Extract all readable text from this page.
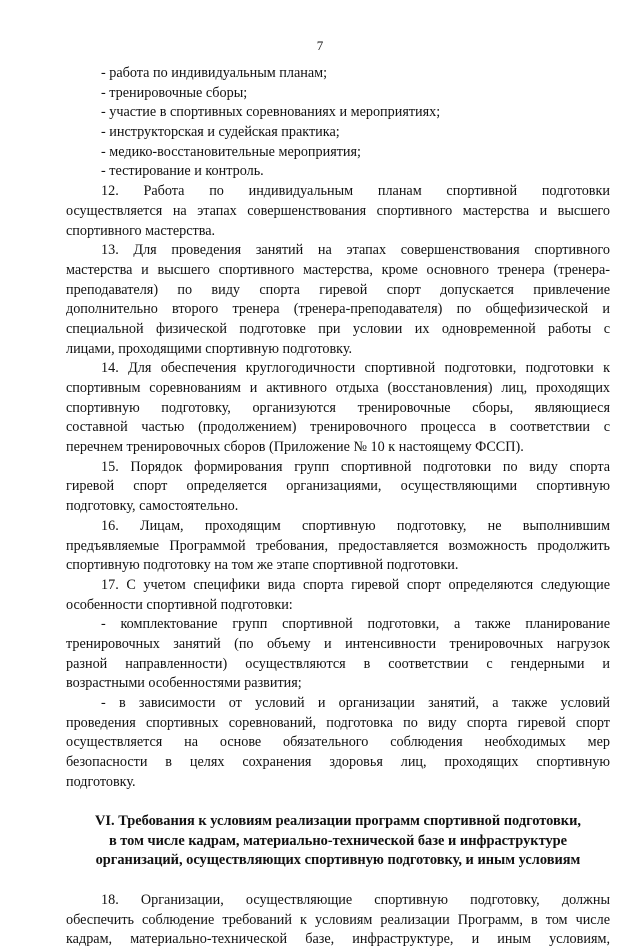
7
- работа по индивидуальным планам;
- тренировочные сборы;
- участие в спортивных соревнованиях и мероприятиях;
- инструкторская и судейская практика;
- медико-восстановительные мероприятия;
- тестирование и контроль.
12. Работа по индивидуальным планам спортивной подготовки
осуществляется на этапах совершенствования спортивного мастерства и высшего
спортивного мастерства.
13. Для проведения занятий на этапах совершенствования спортивного
мастерства и высшего спортивного мастерства, кроме основного тренера (тренера-
преподавателя) по виду спорта гиревой спорт допускается привлечение
дополнительно второго тренера (тренера-преподавателя) по общефизической и
специальной физической подготовке при условии их одновременной работы с
лицами, проходящими спортивную подготовку.
14. Для обеспечения круглогодичности спортивной подготовки, подготовки к
спортивным соревнованиям и активного отдыха (восстановления) лиц, проходящих
спортивную подготовку, организуются тренировочные сборы, являющиеся
составной частью (продолжением) тренировочного процесса в соответствии с
перечнем тренировочных сборов (Приложение № 10 к настоящему ФССП).
15. Порядок формирования групп спортивной подготовки по виду спорта
гиревой спорт определяется организациями, осуществляющими спортивную
подготовку, самостоятельно.
16. Лицам, проходящим спортивную подготовку, не выполнившим
предъявляемые Программой требования, предоставляется возможность продолжить
спортивную подготовку на том же этапе спортивной подготовки.
17. С учетом специфики вида спорта гиревой спорт определяются следующие
особенности спортивной подготовки:
- комплектование групп спортивной подготовки, а также планирование
тренировочных занятий (по объему и интенсивности тренировочных нагрузок
разной направленности) осуществляются в соответствии с гендерными и
возрастными особенностями развития;
- в зависимости от условий и организации занятий, а также условий
проведения спортивных соревнований, подготовка по виду спорта гиревой спорт
осуществляется на основе обязательного соблюдения необходимых мер
безопасности в целях сохранения здоровья лиц, проходящих спортивную
подготовку.
VI. Требования к условиям реализации программ спортивной подготовки,
в том числе кадрам, материально-технической базе и инфраструктуре
организаций, осуществляющих спортивную подготовку, и иным условиям
18. Организации, осуществляющие спортивную подготовку, должны
обеспечить соблюдение требований к условиям реализации Программ, в том числе
кадрам, материально-технической базе, инфраструктуре, и иным условиям,
